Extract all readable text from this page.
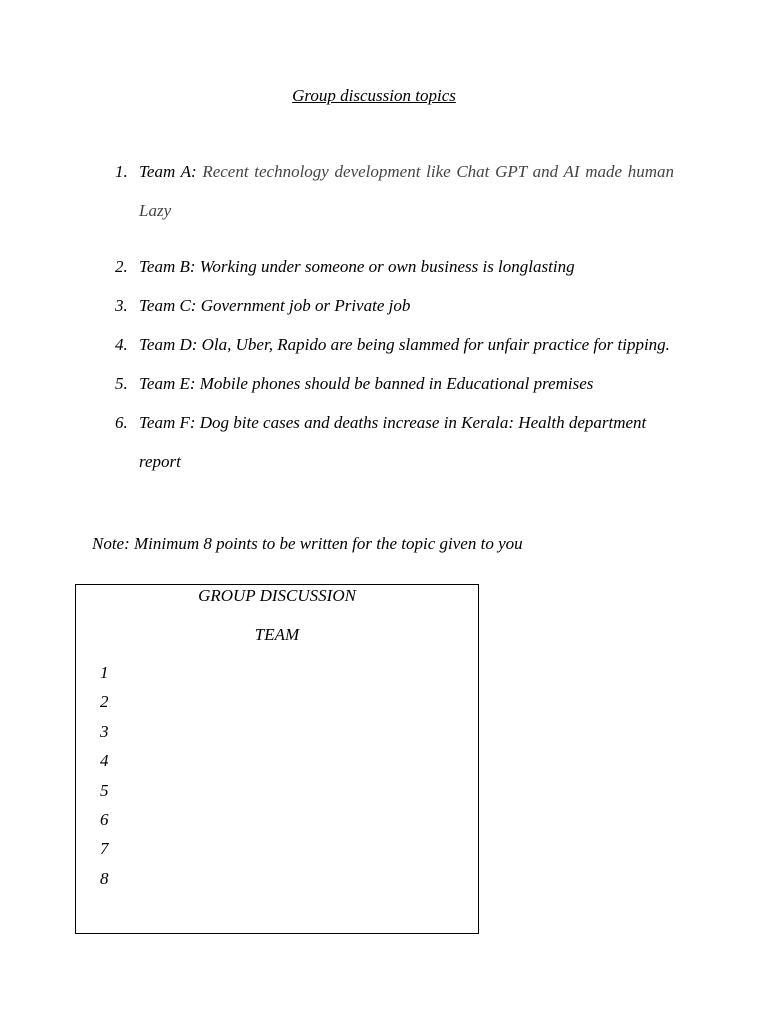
Group discussion topics
1. Team A: Recent technology development like Chat GPT and AI made human Lazy
2. Team B: Working under someone or own business is longlasting
3. Team C: Government job or Private job
4. Team D: Ola, Uber, Rapido are being slammed for unfair practice for tipping.
5. Team E: Mobile phones should be banned in Educational premises
6. Team F: Dog bite cases and deaths increase in Kerala: Health department report
Note: Minimum 8 points to be written for the topic given to you
GROUP DISCUSSION
TEAM
1
2
3
4
5
6
7
8
